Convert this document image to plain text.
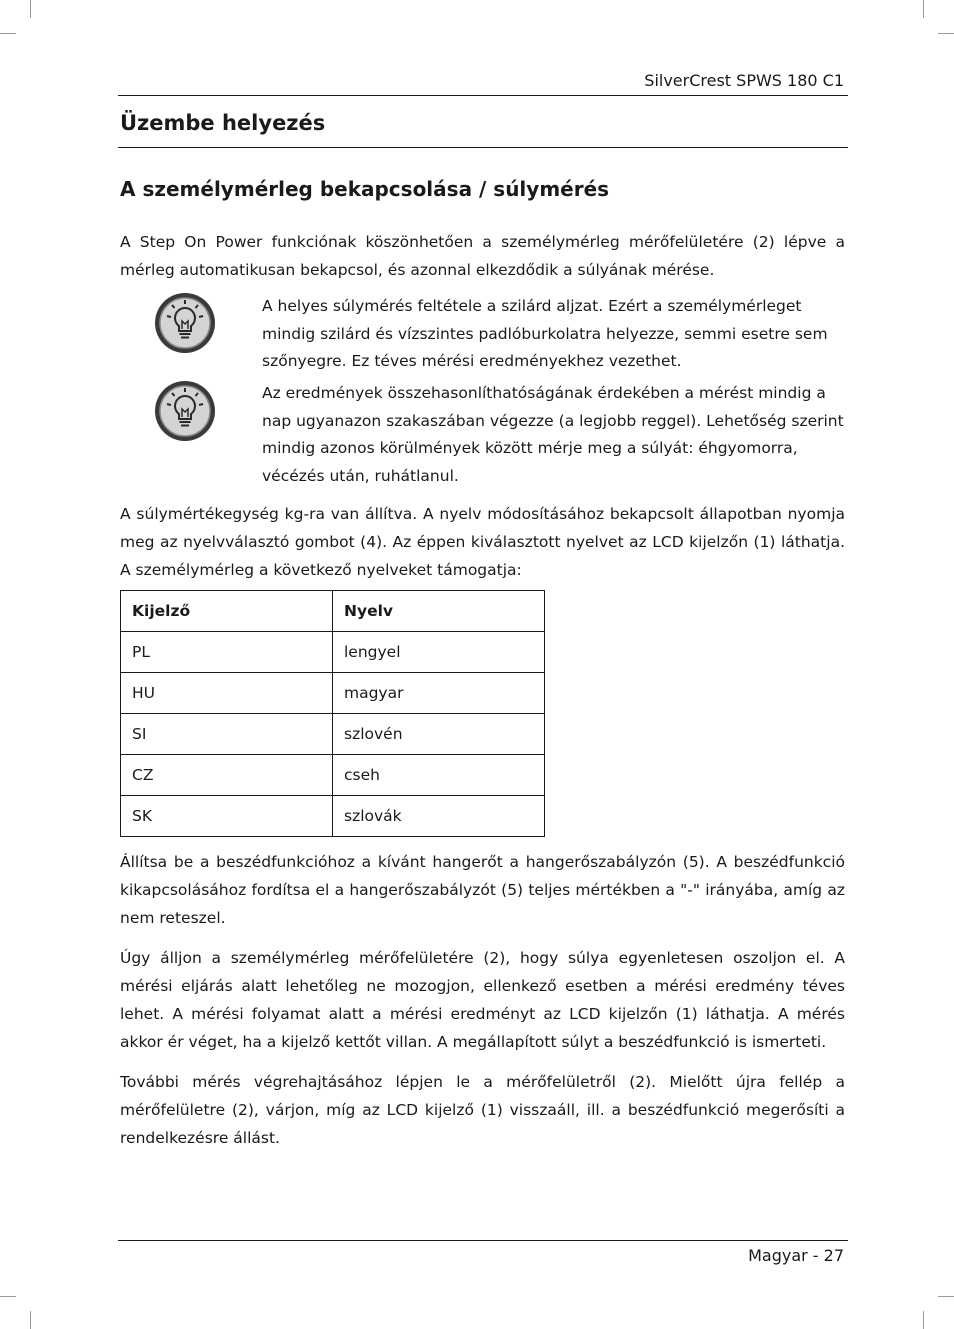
SilverCrest SPWS 180 C1
Üzembe helyezés
A személymérleg bekapcsolása / súlymérés

A Step On Power funkciónak köszönhetően a személymérleg mérőfelületére (2) lépve a mérleg automatikusan bekapcsol, és azonnal elkezdődik a súlyának mérése.

A helyes súlymérés feltétele a szilárd aljzat. Ezért a személymérleget mindig szilárd és vízszintes padlóburkolatra helyezze, semmi esetre sem szőnyegre. Ez téves mérési eredményekhez vezethet.

Az eredmények összehasonlíthatóságának érdekében a mérést mindig a nap ugyanazon szakaszában végezze (a legjobb reggel). Lehetőség szerint mindig azonos körülmények között mérje meg a súlyát: éhgyomorra, vécézés után, ruhátlanul.

A súlymértékegység kg-ra van állítva. A nyelv módosításához bekapcsolt állapotban nyomja meg az nyelvválasztó gombot (4). Az éppen kiválasztott nyelvet az LCD kijelzőn (1) láthatja. A személymérleg a következő nyelveket támogatja:

Kijelző	Nyelv
PL	lengyel
HU	magyar
SI	szlovén
CZ	cseh
SK	szlovák

Állítsa be a beszédfunkcióhoz a kívánt hangerőt a hangerőszabályzón (5). A beszédfunkció kikapcsolásához fordítsa el a hangerőszabályzót (5) teljes mértékben a "-" irányába, amíg az nem reteszel.

Úgy álljon a személymérleg mérőfelületére (2), hogy súlya egyenletesen oszoljon el. A mérési eljárás alatt lehetőleg ne mozogjon, ellenkező esetben a mérési eredmény téves lehet. A mérési folyamat alatt a mérési eredményt az LCD kijelzőn (1) láthatja. A mérés akkor ér véget, ha a kijelző kettőt villan. A megállapított súlyt a beszédfunkció is ismerteti.

További mérés végrehajtásához lépjen le a mérőfelületről (2). Mielőtt újra fellép a mérőfelületre (2), várjon, míg az LCD kijelző (1) visszaáll, ill. a beszédfunkció megerősíti a rendelkezésre állást.

Magyar - 27
